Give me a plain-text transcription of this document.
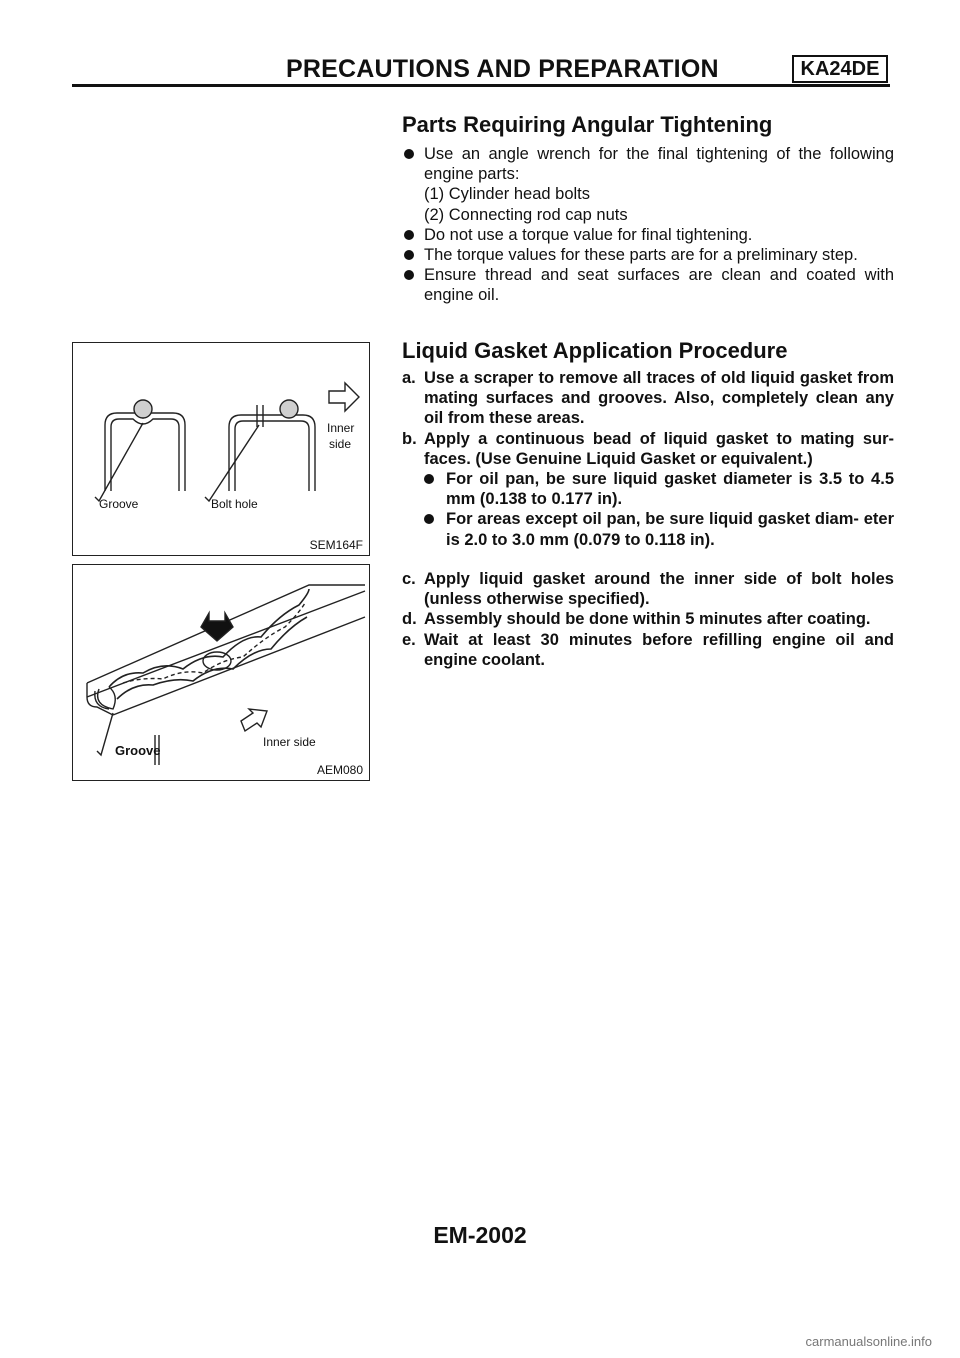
PRECAUTIONS AND PREPARATION	KA24DE
Parts Requiring Angular Tightening
Use an angle wrench for the final tightening of the following engine parts:
(1) Cylinder head bolts
(2) Connecting rod cap nuts
Do not use a torque value for final tightening.
The torque values for these parts are for a preliminary step.
Ensure thread and seat surfaces are clean and coated with engine oil.
Liquid Gasket Application Procedure
a. Use a scraper to remove all traces of old liquid gasket from mating surfaces and grooves. Also, completely clean any oil from these areas.
b. Apply a continuous bead of liquid gasket to mating sur- faces. (Use Genuine Liquid Gasket or equivalent.)
For oil pan, be sure liquid gasket diameter is 3.5 to 4.5 mm (0.138 to 0.177 in).
For areas except oil pan, be sure liquid gasket diam- eter is 2.0 to 3.0 mm (0.079 to 0.118 in).
c. Apply liquid gasket around the inner side of bolt holes (unless otherwise specified).
d. Assembly should be done within 5 minutes after coating.
e. Wait at least 30 minutes before refilling engine oil and engine coolant.
Groove	Bolt hole
Inner
side
SEM164F
Groove
Inner side
AEM080
EM-2002
carmanualsonline.info
